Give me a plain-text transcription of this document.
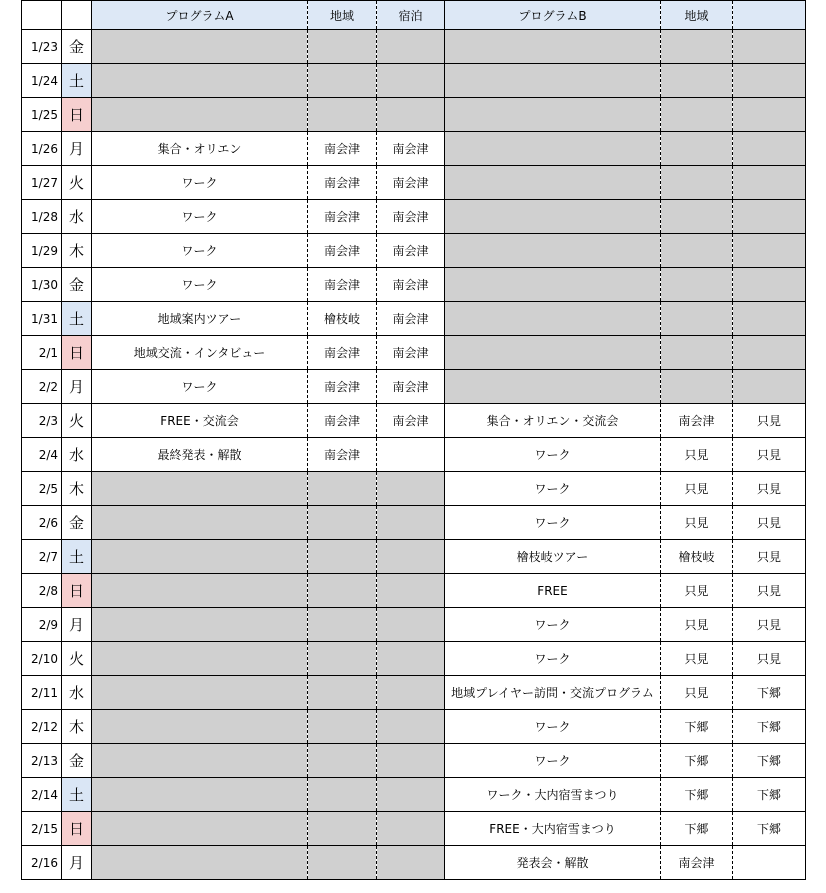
		プログラムA	地域	宿泊	プログラムB	地域	
1/23	金						
1/24	土						
1/25	日						
1/26	月	集合・オリエン	南会津	南会津			
1/27	火	ワーク	南会津	南会津			
1/28	水	ワーク	南会津	南会津			
1/29	木	ワーク	南会津	南会津			
1/30	金	ワーク	南会津	南会津			
1/31	土	地域案内ツアー	檜枝岐	南会津			
2/1	日	地域交流・インタビュー	南会津	南会津			
2/2	月	ワーク	南会津	南会津			
2/3	火	FREE・交流会	南会津	南会津	集合・オリエン・交流会	南会津	只見
2/4	水	最終発表・解散	南会津		ワーク	只見	只見
2/5	木				ワーク	只見	只見
2/6	金				ワーク	只見	只見
2/7	土				檜枝岐ツアー	檜枝岐	只見
2/8	日				FREE	只見	只見
2/9	月				ワーク	只見	只見
2/10	火				ワーク	只見	只見
2/11	水				地域プレイヤー訪問・交流プログラム	只見	下郷
2/12	木				ワーク	下郷	下郷
2/13	金				ワーク	下郷	下郷
2/14	土				ワーク・大内宿雪まつり	下郷	下郷
2/15	日				FREE・大内宿雪まつり	下郷	下郷
2/16	月				発表会・解散	南会津	
